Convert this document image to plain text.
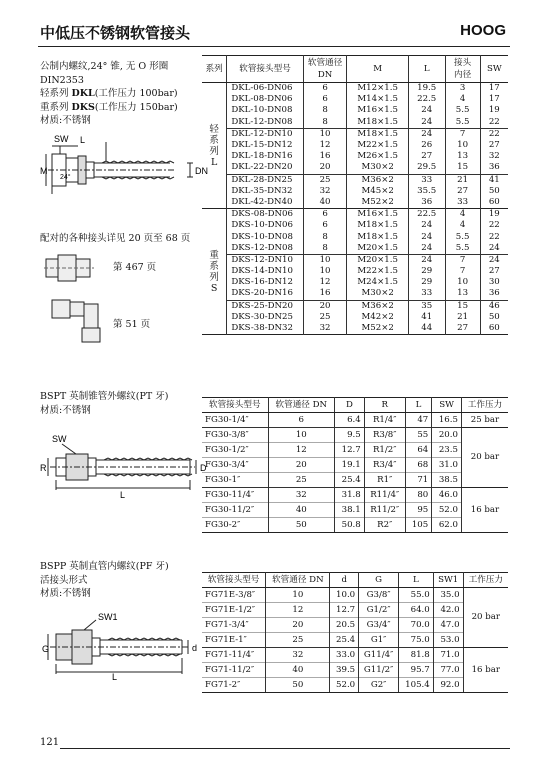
中低压不锈钢软管接头	HOOG
公制内螺纹,24° 锥, 无 O 形圈
DIN2353
轻系列 DKL(工作压力 100bar)
重系列 DKS(工作压力 150bar)
材质:不锈钢
SW L
M
24°
DN
配对的各种接头详见 20 页至 68 页
第 467 页
第 51 页
系列	软管接头型号	软管通径
DN	M	L	接头
内径	SW
轻
系
列
L	DKL-06-DN06	6	M12×1.5	19.5	3	17
	DKL-08-DN06	6	M14×1.5	22.5	4	17
	DKL-10-DN08	8	M16×1.5	24	5.5	19
	DKL-12-DN08	8	M18×1.5	24	5.5	22
	DKL-12-DN10	10	M18×1.5	24	7	22
	DKL-15-DN12	12	M22×1.5	26	10	27
	DKL-18-DN16	16	M26×1.5	27	13	32
	DKL-22-DN20	20	M30×2	29.5	15	36
	DKL-28-DN25	25	M36×2	33	21	41
	DKL-35-DN32	32	M45×2	35.5	27	50
	DKL-42-DN40	40	M52×2	36	33	60
重
系
列
S	DKS-08-DN06	6	M16×1.5	22.5	4	19
	DKS-10-DN06	6	M18×1.5	24	4	22
	DKS-10-DN08	8	M18×1.5	24	5.5	22
	DKS-12-DN08	8	M20×1.5	24	5.5	24
	DKS-12-DN10	10	M20×1.5	24	7	24
	DKS-14-DN10	10	M22×1.5	29	7	27
	DKS-16-DN12	12	M24×1.5	29	10	30
	DKS-20-DN16	16	M30×2	33	13	36
	DKS-25-DN20	20	M36×2	35	15	46
	DKS-30-DN25	25	M42×2	41	21	50
	DKS-38-DN32	32	M52×2	44	27	60
BSPT 英制锥管外螺纹(PT 牙)
材质:不锈钢
SW
D
R
L
软管接头型号	软管通径 DN	D	R	L	SW	工作压力
FG30-1/4″	6	6.4	R1/4″	47	16.5	25 bar
FG30-3/8″	10	9.5	R3/8″	55	20.0	20 bar
FG30-1/2″	12	12.7	R1/2″	64	23.5	
FG30-3/4″	20	19.1	R3/4″	68	31.0	
FG30-1″	25	25.4	R1″	71	38.5	
FG30-11/4″	32	31.8	R11/4″	80	46.0	16 bar
FG30-11/2″	40	38.1	R11/2″	95	52.0	
FG30-2″	50	50.8	R2″	105	62.0	
BSPP 英制直管内螺纹(PF 牙)
活接头形式
材质:不锈钢
SW1
G	d
L
软管接头型号	软管通径 DN	d	G	L	SW1	工作压力
FG71E-3/8″	10	10.0	G3/8″	55.0	35.0	20 bar
FG71E-1/2″	12	12.7	G1/2″	64.0	42.0	
FG71-3/4″	20	20.5	G3/4″	70.0	47.0	
FG71E-1″	25	25.4	G1″	75.0	53.0	
FG71-11/4″	32	33.0	G11/4″	81.8	71.0	16 bar
FG71-11/2″	40	39.5	G11/2″	95.7	77.0	
FG71-2″	50	52.0	G2″	105.4	92.0	
121
